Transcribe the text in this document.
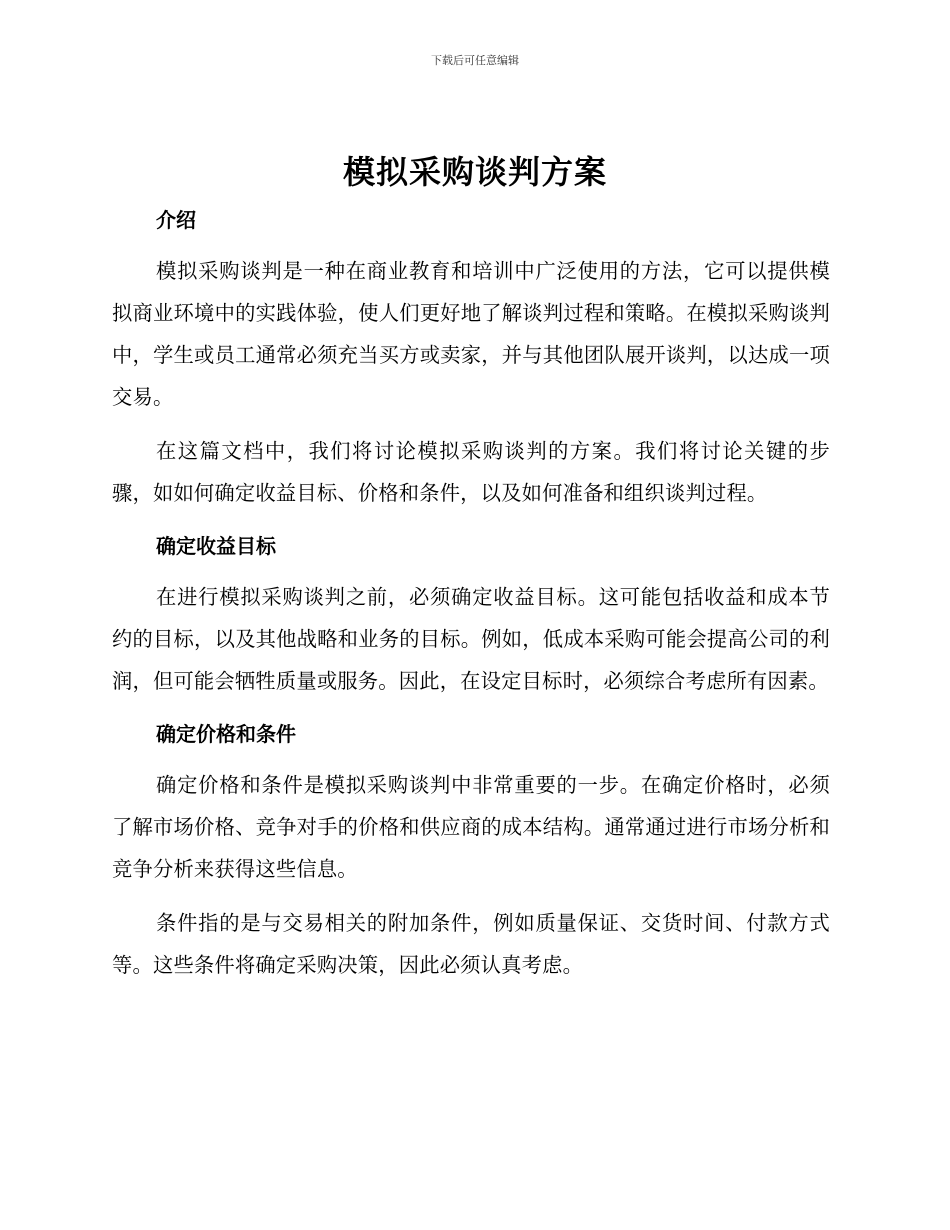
下载后可任意编辑
模拟采购谈判方案
介绍

模拟采购谈判是一种在商业教育和培训中广泛使用的方法，它可以提供模拟商业环境中的实践体验，使人们更好地了解谈判过程和策略。在模拟采购谈判中，学生或员工通常必须充当买方或卖家，并与其他团队展开谈判，以达成一项交易。

在这篇文档中，我们将讨论模拟采购谈判的方案。我们将讨论关键的步骤，如如何确定收益目标、价格和条件，以及如何准备和组织谈判过程。

确定收益目标

在进行模拟采购谈判之前，必须确定收益目标。这可能包括收益和成本节约的目标，以及其他战略和业务的目标。例如，低成本采购可能会提高公司的利润，但可能会牺牲质量或服务。因此，在设定目标时，必须综合考虑所有因素。

确定价格和条件

确定价格和条件是模拟采购谈判中非常重要的一步。在确定价格时，必须了解市场价格、竞争对手的价格和供应商的成本结构。通常通过进行市场分析和竞争分析来获得这些信息。

条件指的是与交易相关的附加条件，例如质量保证、交货时间、付款方式等。这些条件将确定采购决策，因此必须认真考虑。
